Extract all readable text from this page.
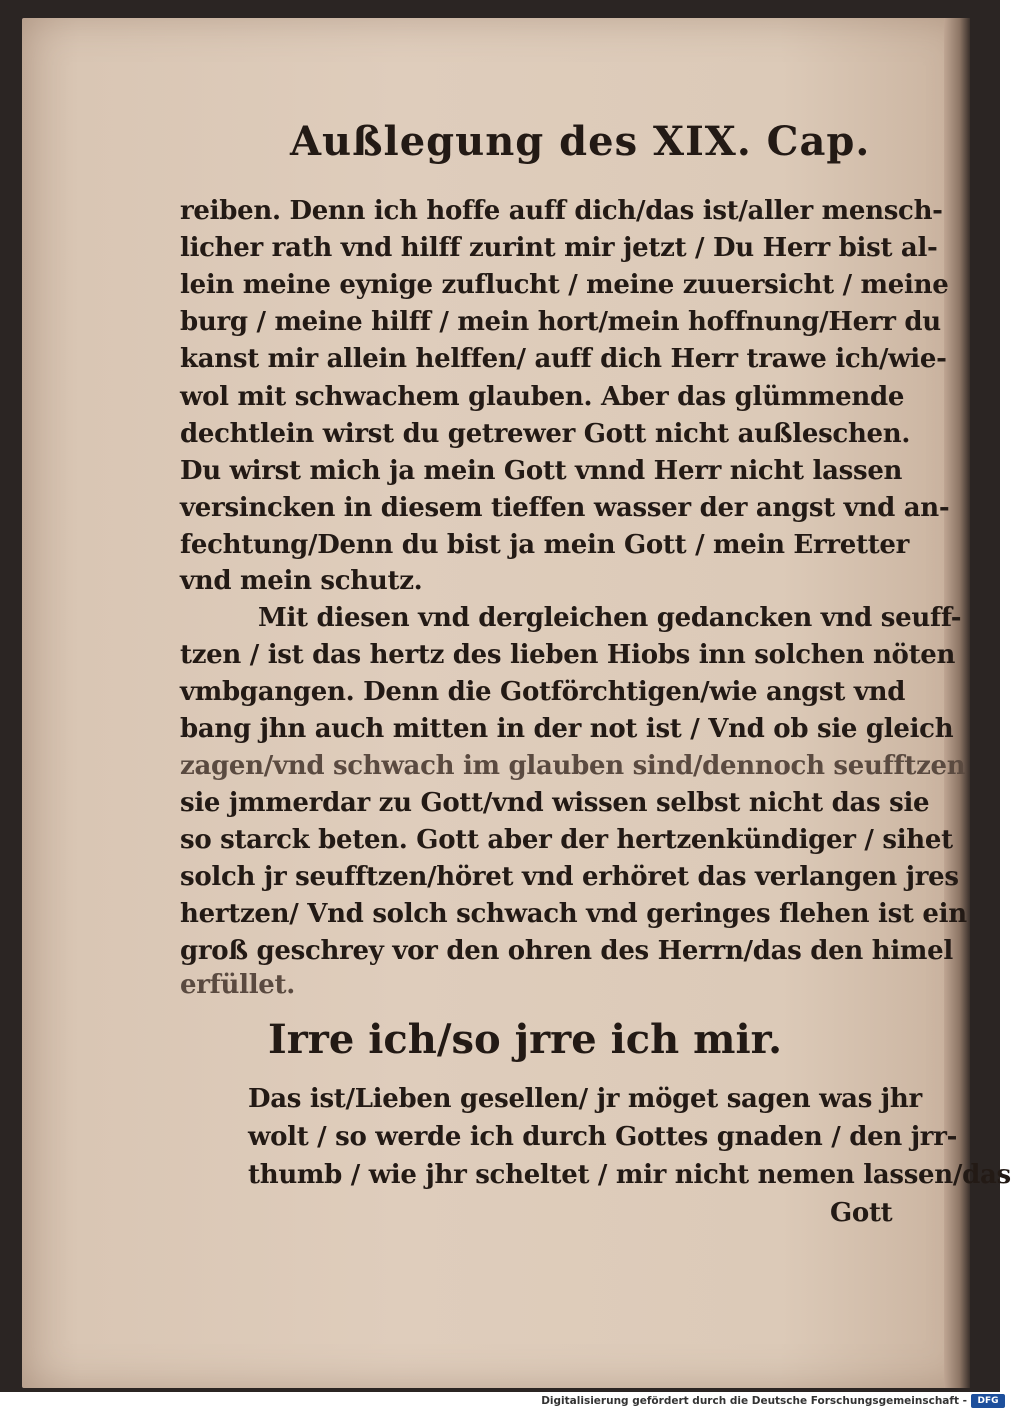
Außlegung des XIX. Cap.
reiben. Denn ich hoffe auff dich/das ist/aller mensch-
licher rath vnd hilff zurint mir jetzt / Du Herr bist al-
lein meine eynige zuflucht / meine zuuersicht / meine
burg / meine hilff / mein hort/mein hoffnung/Herr du
kanst mir allein helffen/ auff dich Herr trawe ich/wie-
wol mit schwachem glauben. Aber das glümmende
dechtlein wirst du getrewer Gott nicht außleschen.
Du wirst mich ja mein Gott vnnd Herr nicht lassen
versincken in diesem tieffen wasser der angst vnd an-
fechtung/Denn du bist ja mein Gott / mein Erretter
vnd mein schutz.
Mit diesen vnd dergleichen gedancken vnd seuff-
tzen / ist das hertz des lieben Hiobs inn solchen nöten
vmbgangen. Denn die Gotförchtigen/wie angst vnd
bang jhn auch mitten in der not ist / Vnd ob sie gleich
zagen/vnd schwach im glauben sind/dennoch seufftzen
sie jmmerdar zu Gott/vnd wissen selbst nicht das sie
so starck beten. Gott aber der hertzenkündiger / sihet
solch jr seufftzen/höret vnd erhöret das verlangen jres
hertzen/ Vnd solch schwach vnd geringes flehen ist ein
groß geschrey vor den ohren des Herrn/das den himel
erfüllet.
Irre ich/so jrre ich mir.
Das ist/Lieben gesellen/ jr möget sagen was jhr
wolt / so werde ich durch Gottes gnaden / den jrr-
thumb / wie jhr scheltet / mir nicht nemen lassen/das
Gott
Digitalisierung gefördert durch die Deutsche Forschungsgemeinschaft -	DFG
